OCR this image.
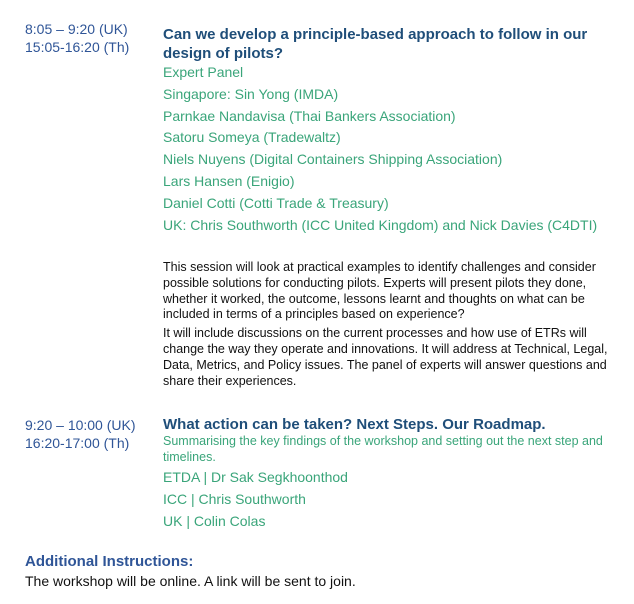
8:05 – 9:20 (UK)
15:05-16:20 (Th)
Can we develop a principle-based approach to follow in our design of pilots?
Expert Panel
Singapore: Sin Yong (IMDA)
Parnkae Nandavisa (Thai Bankers Association)
Satoru Someya (Tradewaltz)
Niels Nuyens (Digital Containers Shipping Association)
Lars Hansen (Enigio)
Daniel Cotti (Cotti Trade & Treasury)
UK: Chris Southworth (ICC United Kingdom) and Nick Davies (C4DTI)

This session will look at practical examples to identify challenges and consider possible solutions for conducting pilots. Experts will present pilots they done, whether it worked, the outcome, lessons learnt and thoughts on what can be included in terms of a principles based on experience?

It will include discussions on the current processes and how use of ETRs will change the way they operate and innovations. It will address at Technical, Legal, Data, Metrics, and Policy issues. The panel of experts will answer questions and share their experiences.

9:20 – 10:00 (UK)
16:20-17:00 (Th)
What action can be taken? Next Steps. Our Roadmap.
Summarising the key findings of the workshop and setting out the next step and timelines.
ETDA | Dr Sak Segkhoonthod
ICC | Chris Southworth
UK | Colin Colas
Additional Instructions:
The workshop will be online. A link will be sent to join.
